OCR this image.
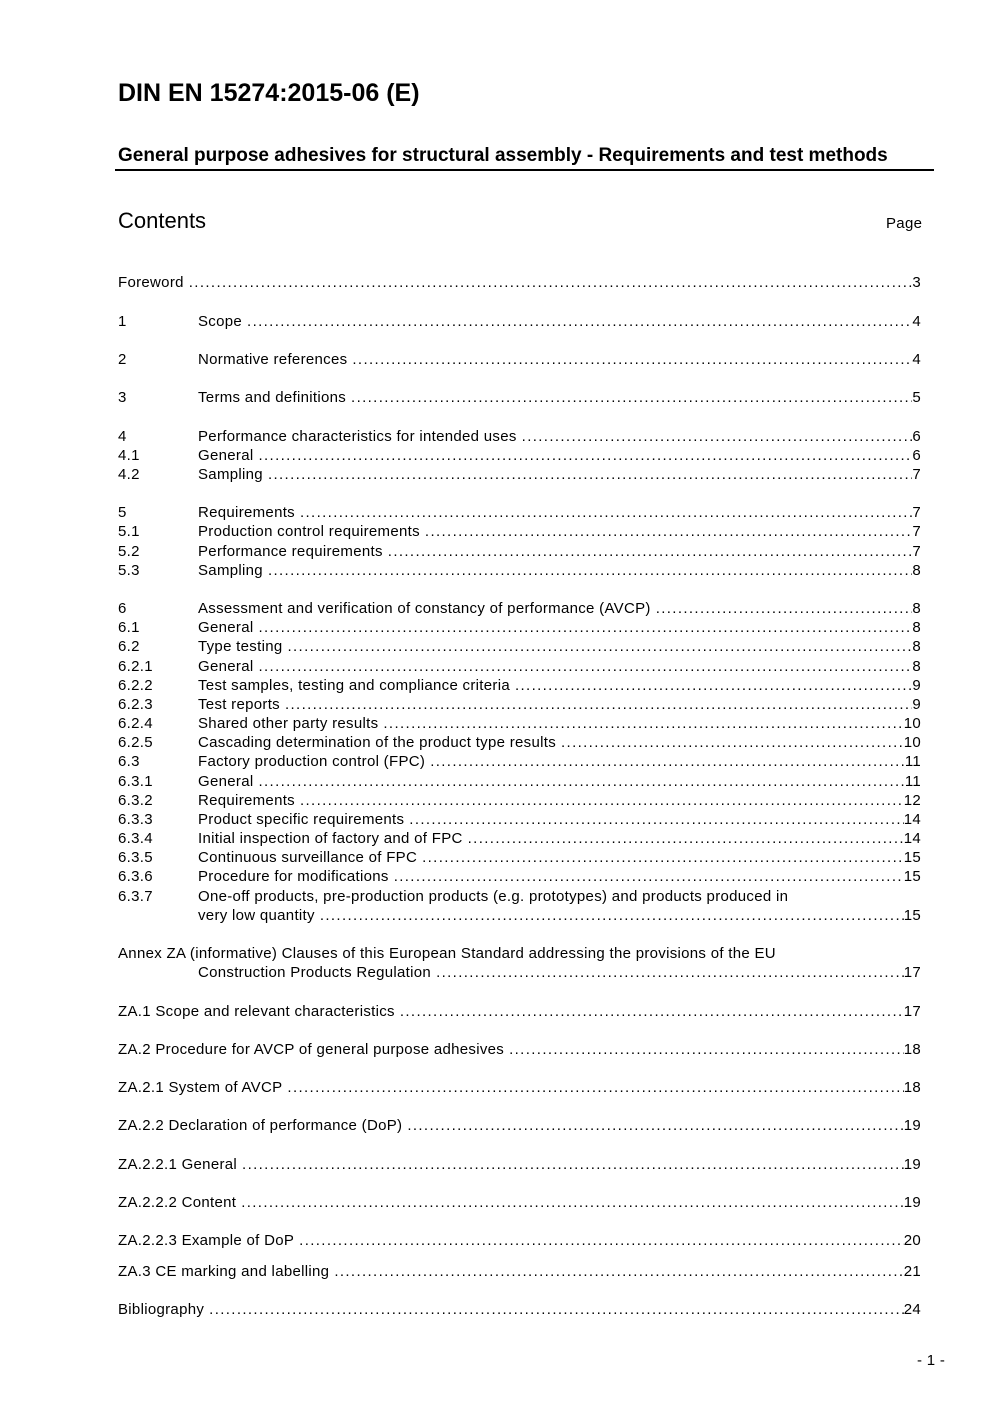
DIN EN 15274:2015-06 (E)
General purpose adhesives for structural assembly - Requirements and test methods
Contents	Page
Foreword . . .	3
1	Scope . . .	4
2	Normative references . . .	4
3	Terms and definitions . . .	5
4	Performance characteristics for intended uses . . .	6
4.1	General . . .	6
4.2	Sampling . . .	7
5	Requirements . . .	7
5.1	Production control requirements . . .	7
5.2	Performance requirements . . .	7
5.3	Sampling . . .	8
6	Assessment and verification of constancy of performance (AVCP) . . .	8
6.1	General . . .	8
6.2	Type testing . . .	8
6.2.1	General . . .	8
6.2.2	Test samples, testing and compliance criteria . . .	9
6.2.3	Test reports . . .	9
6.2.4	Shared other party results . . .	10
6.2.5	Cascading determination of the product type results . . .	10
6.3	Factory production control (FPC) . . .	11
6.3.1	General . . .	11
6.3.2	Requirements . . .	12
6.3.3	Product specific requirements . . .	14
6.3.4	Initial inspection of factory and of FPC . . .	14
6.3.5	Continuous surveillance of FPC . . .	15
6.3.6	Procedure for modifications . . .	15
6.3.7	One-off products, pre-production products (e.g. prototypes) and products produced in
very low quantity . . .	15
Annex ZA (informative) Clauses of this European Standard addressing the provisions of the EU
Construction Products Regulation . . .	17
ZA.1 Scope and relevant characteristics . . .	17
ZA.2 Procedure for AVCP of general purpose adhesives . . .	18
ZA.2.1 System of AVCP . . .	18
ZA.2.2 Declaration of performance (DoP) . . .	19
ZA.2.2.1 General . . .	19
ZA.2.2.2 Content . . .	19
ZA.2.2.3 Example of DoP . . .	20
ZA.3 CE marking and labelling . . .	21
Bibliography . . .	24
- 1 -
